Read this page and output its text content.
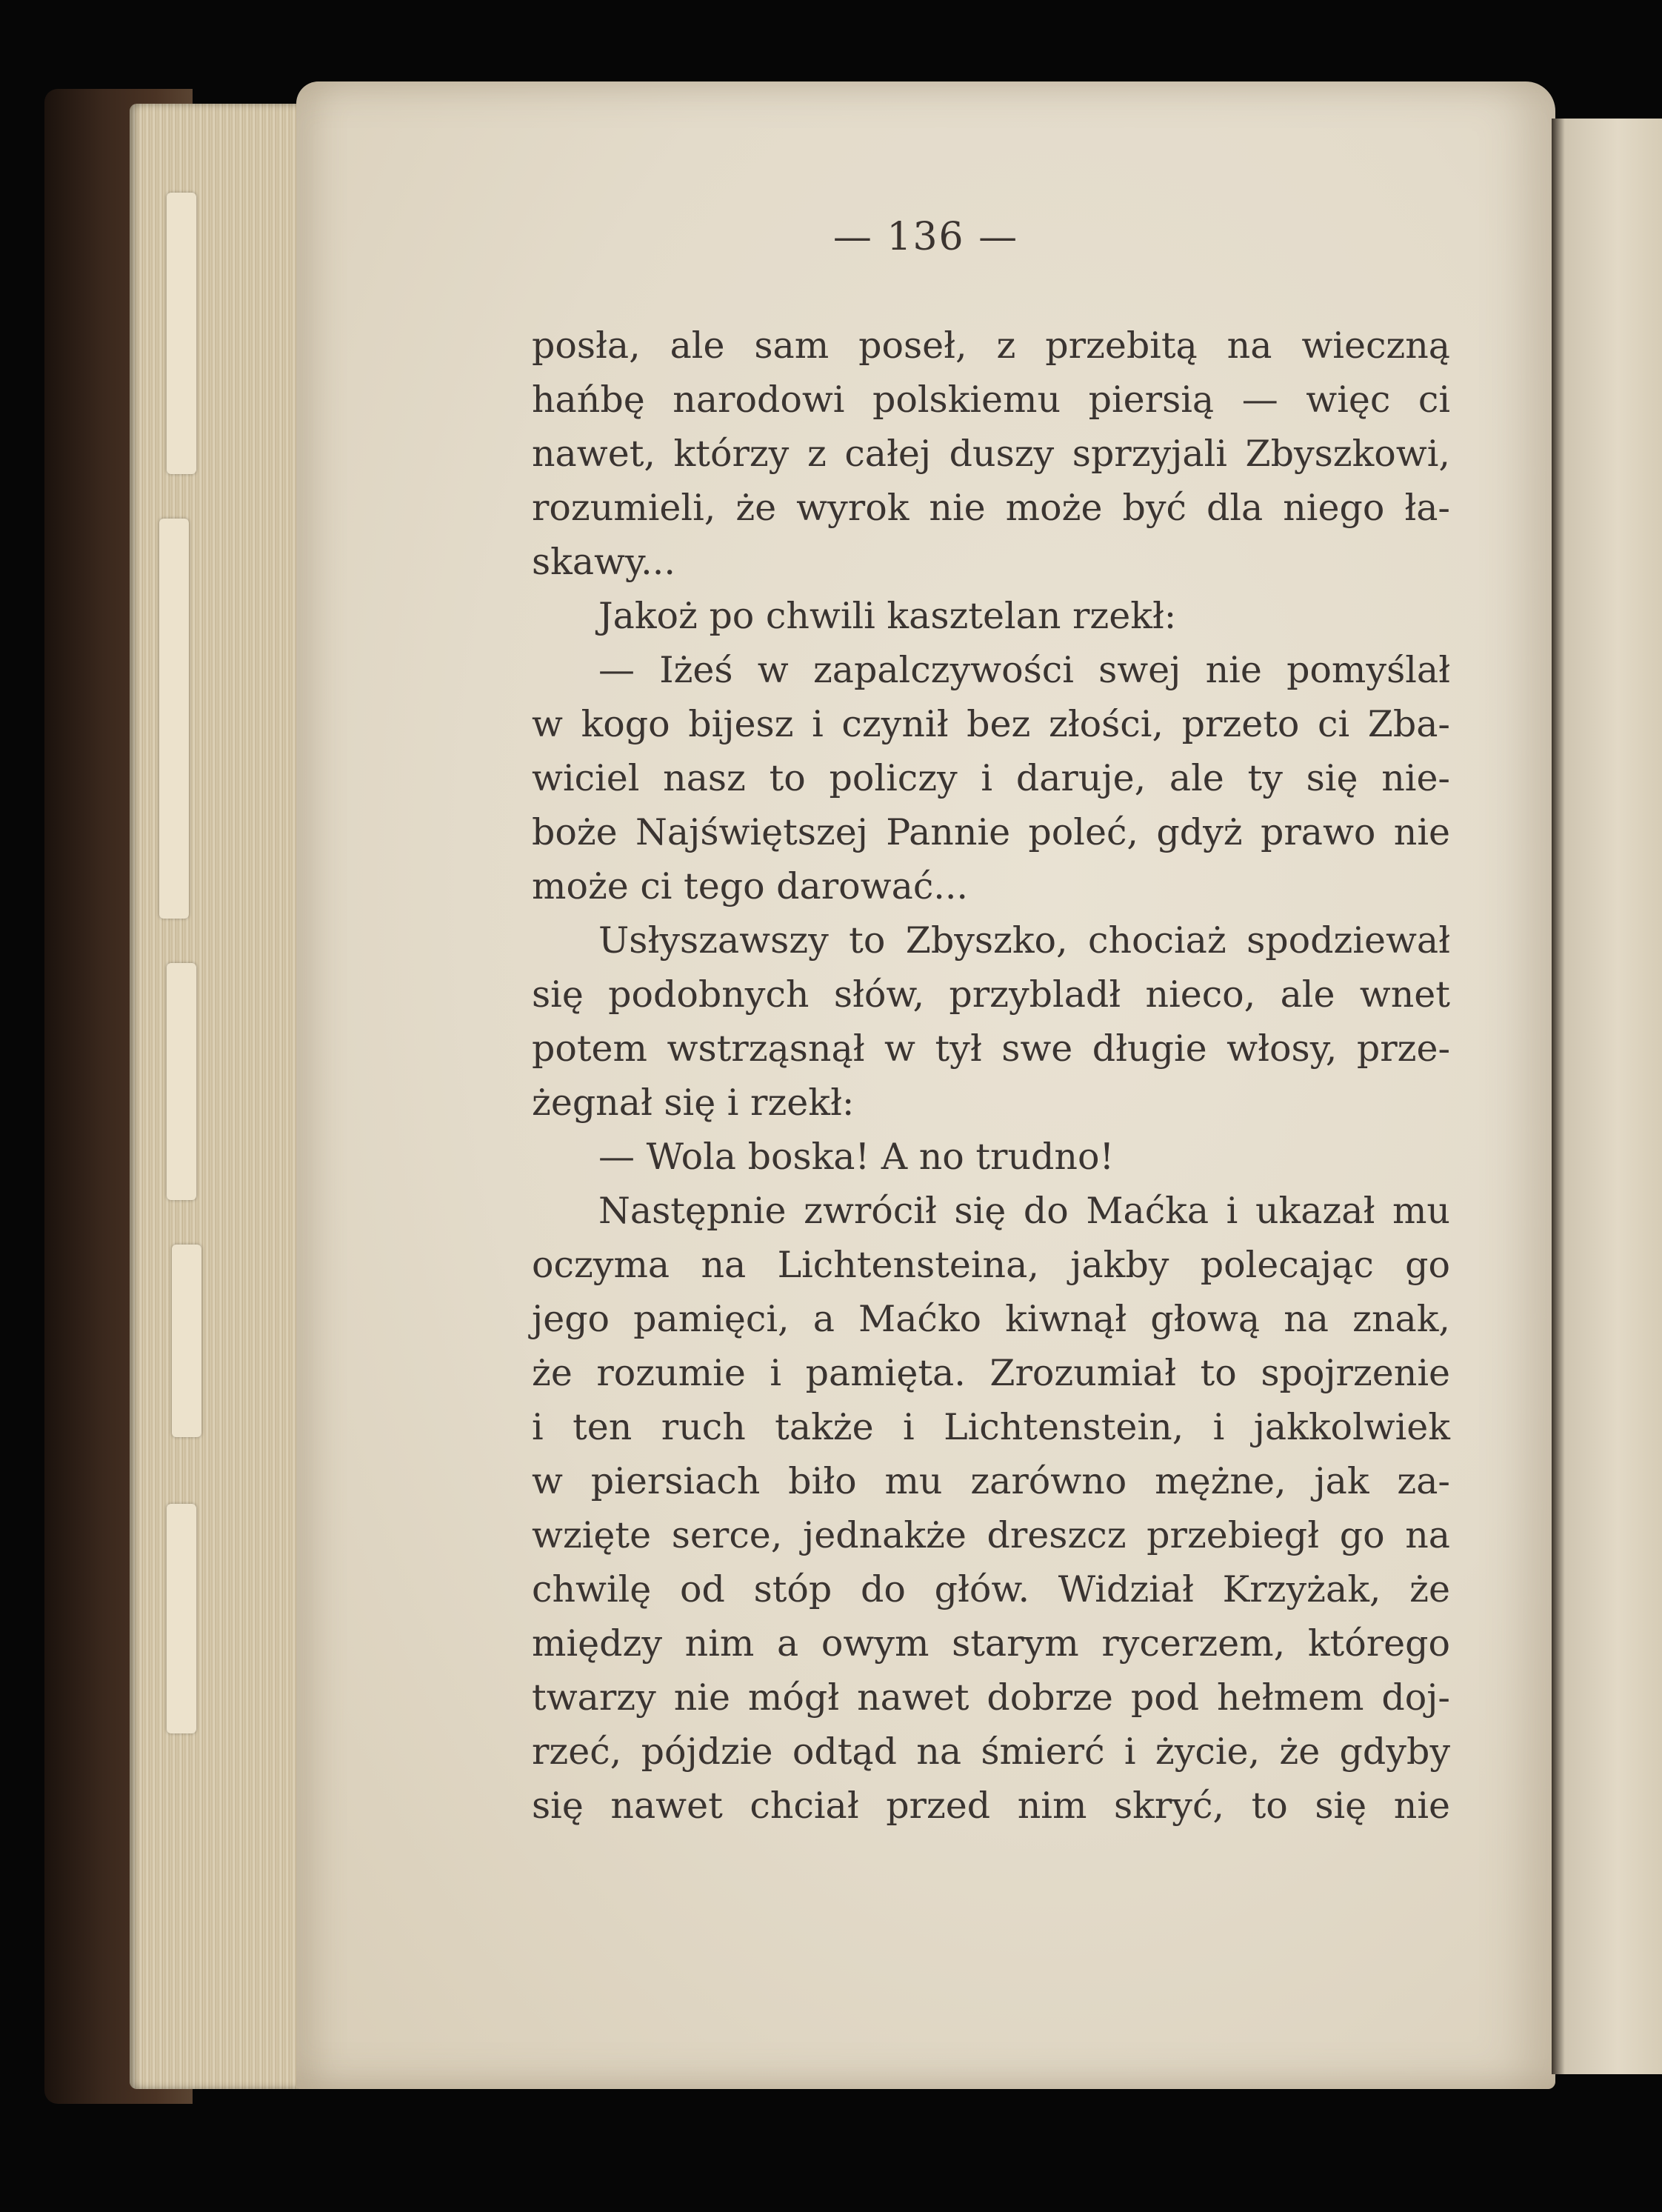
— 136 —
posła, ale sam poseł, z przebitą na wieczną
hańbę narodowi polskiemu piersią — więc ci
nawet, którzy z całej duszy sprzyjali Zbyszkowi,
rozumieli, że wyrok nie może być dla niego ła-
skawy...
Jakoż po chwili kasztelan rzekł:
— Iżeś w zapalczywości swej nie pomyślał
w kogo bijesz i czynił bez złości, przeto ci Zba-
wiciel nasz to policzy i daruje, ale ty się nie-
boże Najświętszej Pannie poleć, gdyż prawo nie
może ci tego darować...
Usłyszawszy to Zbyszko, chociaż spodziewał
się podobnych słów, przybladł nieco, ale wnet
potem wstrząsnął w tył swe długie włosy, prze-
żegnał się i rzekł:
— Wola boska! A no trudno!
Następnie zwrócił się do Maćka i ukazał mu
oczyma na Lichtensteina, jakby polecając go
jego pamięci, a Maćko kiwnął głową na znak,
że rozumie i pamięta. Zrozumiał to spojrzenie
i ten ruch także i Lichtenstein, i jakkolwiek
w piersiach biło mu zarówno mężne, jak za-
wzięte serce, jednakże dreszcz przebiegł go na
chwilę od stóp do głów. Widział Krzyżak, że
między nim a owym starym rycerzem, którego
twarzy nie mógł nawet dobrze pod hełmem doj-
rzeć, pójdzie odtąd na śmierć i życie, że gdyby
się nawet chciał przed nim skryć, to się nie
